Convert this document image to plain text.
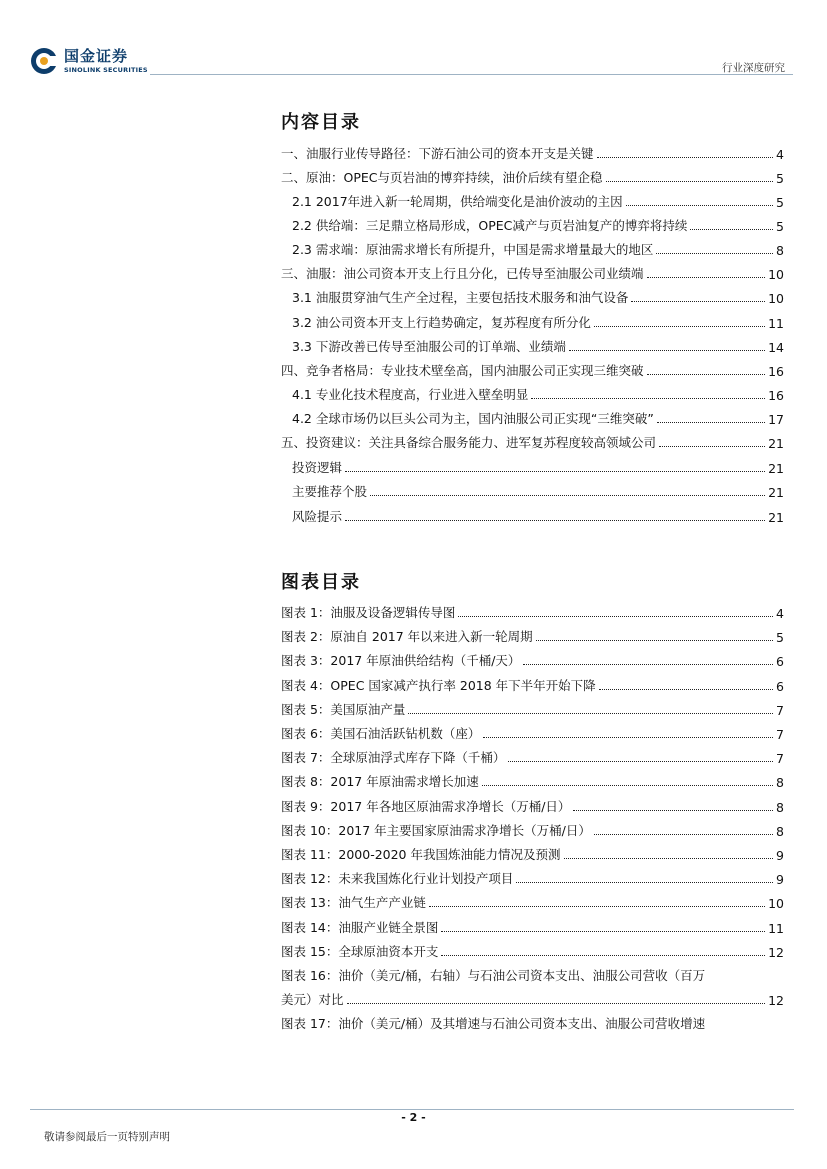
国金证券
SINOLINK SECURITIES	行业深度研究
内容目录
一、油服行业传导路径：下游石油公司的资本开支是关键	4
二、原油：OPEC与页岩油的博弈持续，油价后续有望企稳	5
2.1 2017年进入新一轮周期，供给端变化是油价波动的主因	5
2.2 供给端：三足鼎立格局形成，OPEC减产与页岩油复产的博弈将持续	5
2.3 需求端：原油需求增长有所提升，中国是需求增量最大的地区	8
三、油服：油公司资本开支上行且分化，已传导至油服公司业绩端	10
3.1 油服贯穿油气生产全过程，主要包括技术服务和油气设备	10
3.2 油公司资本开支上行趋势确定，复苏程度有所分化	11
3.3 下游改善已传导至油服公司的订单端、业绩端	14
四、竞争者格局：专业技术壁垒高，国内油服公司正实现三维突破	16
4.1 专业化技术程度高，行业进入壁垒明显	16
4.2 全球市场仍以巨头公司为主，国内油服公司正实现“三维突破”	17
五、投资建议：关注具备综合服务能力、进军复苏程度较高领域公司	21
投资逻辑	21
主要推荐个股	21
风险提示	21
图表目录
图表 1：油服及设备逻辑传导图	4
图表 2：原油自 2017 年以来进入新一轮周期	5
图表 3：2017 年原油供给结构（千桶/天）	6
图表 4：OPEC 国家减产执行率 2018 年下半年开始下降	6
图表 5：美国原油产量	7
图表 6：美国石油活跃钻机数（座）	7
图表 7：全球原油浮式库存下降（千桶）	7
图表 8：2017 年原油需求增长加速	8
图表 9：2017 年各地区原油需求净增长（万桶/日）	8
图表 10：2017 年主要国家原油需求净增长（万桶/日）	8
图表 11：2000-2020 年我国炼油能力情况及预测	9
图表 12：未来我国炼化行业计划投产项目	9
图表 13：油气生产产业链	10
图表 14：油服产业链全景图	11
图表 15：全球原油资本开支	12
图表 16：油价（美元/桶，右轴）与石油公司资本支出、油服公司营收（百万
美元）对比	12
图表 17：油价（美元/桶）及其增速与石油公司资本支出、油服公司营收增速
- 2 -
敬请参阅最后一页特别声明
